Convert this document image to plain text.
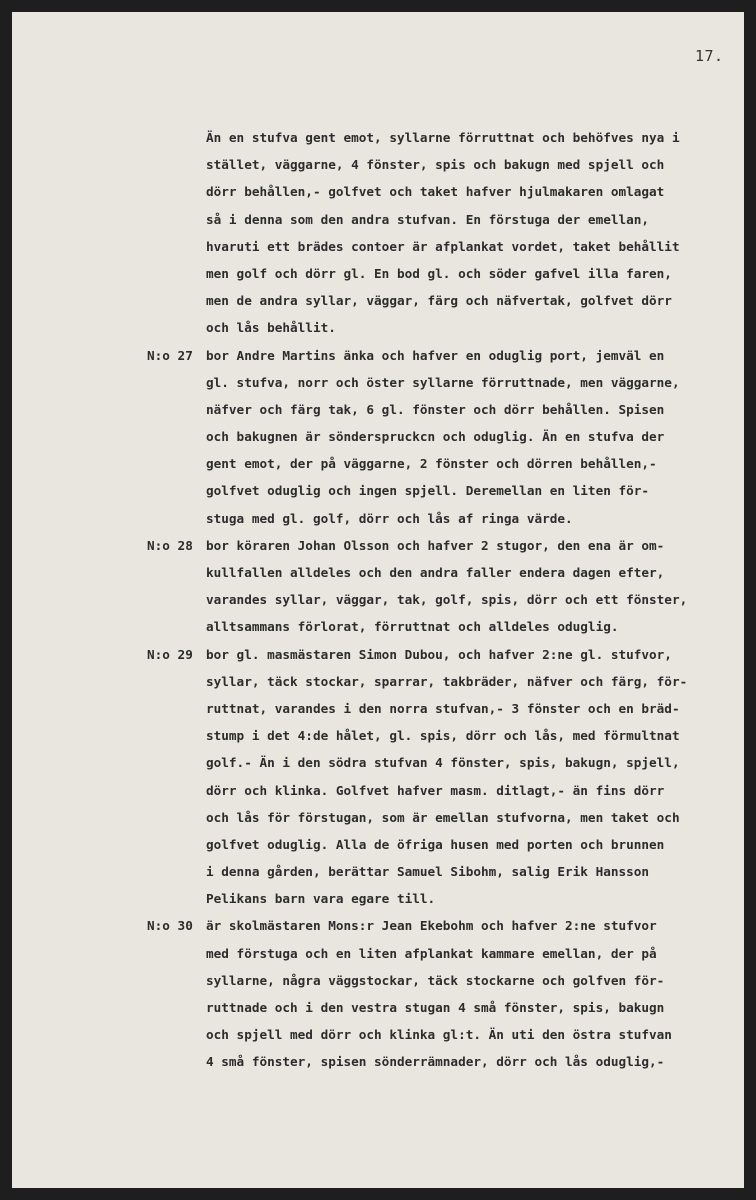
17.
Än en stufva gent emot, syllarne förruttnat och behöfves nya i
stället, väggarne, 4 fönster, spis och bakugn med spjell och
dörr behållen,- golfvet och taket hafver hjulmakaren omlagat
så i denna som den andra stufvan. En förstuga der emellan,
hvaruti ett brädes contoer är afplankat vordet, taket behållit
men golf och dörr gl. En bod gl. och söder gafvel illa faren,
men de andra syllar, väggar, färg och näfvertak, golfvet dörr
och lås behållit.
N:o 27 bor Andre Martins änka och hafver en oduglig port, jemväl en
gl. stufva, norr och öster syllarne förruttnade, men väggarne,
näfver och färg tak, 6 gl. fönster och dörr behållen. Spisen
och bakugnen är sönderspruckcn och oduglig. Än en stufva der
gent emot, der på väggarne, 2 fönster och dörren behållen,-
golfvet oduglig och ingen spjell. Deremellan en liten för-
stuga med gl. golf, dörr och lås af ringa värde.
N:o 28 bor köraren Johan Olsson och hafver 2 stugor, den ena är om-
kullfallen alldeles och den andra faller endera dagen efter,
varandes syllar, väggar, tak, golf, spis, dörr och ett fönster,
alltsammans förlorat, förruttnat och alldeles oduglig.
N:o 29 bor gl. masmästaren Simon Dubou, och hafver 2:ne gl. stufvor,
syllar, täck stockar, sparrar, takbräder, näfver och färg, för-
ruttnat, varandes i den norra stufvan,- 3 fönster och en bräd-
stump i det 4:de hålet, gl. spis, dörr och lås, med förmultnat
golf.- Än i den södra stufvan 4 fönster, spis, bakugn, spjell,
dörr och klinka. Golfvet hafver masm. ditlagt,- än fins dörr
och lås för förstugan, som är emellan stufvorna, men taket och
golfvet oduglig. Alla de öfriga husen med porten och brunnen
i denna gården, berättar Samuel Sibohm, salig Erik Hansson
Pelikans barn vara egare till.
N:o 30 är skolmästaren Mons:r Jean Ekebohm och hafver 2:ne stufvor
med förstuga och en liten afplankat kammare emellan, der på
syllarne, några väggstockar, täck stockarne och golfven för-
ruttnade och i den vestra stugan 4 små fönster, spis, bakugn
och spjell med dörr och klinka gl:t. Än uti den östra stufvan
4 små fönster, spisen sönderrämnader, dörr och lås oduglig,-
